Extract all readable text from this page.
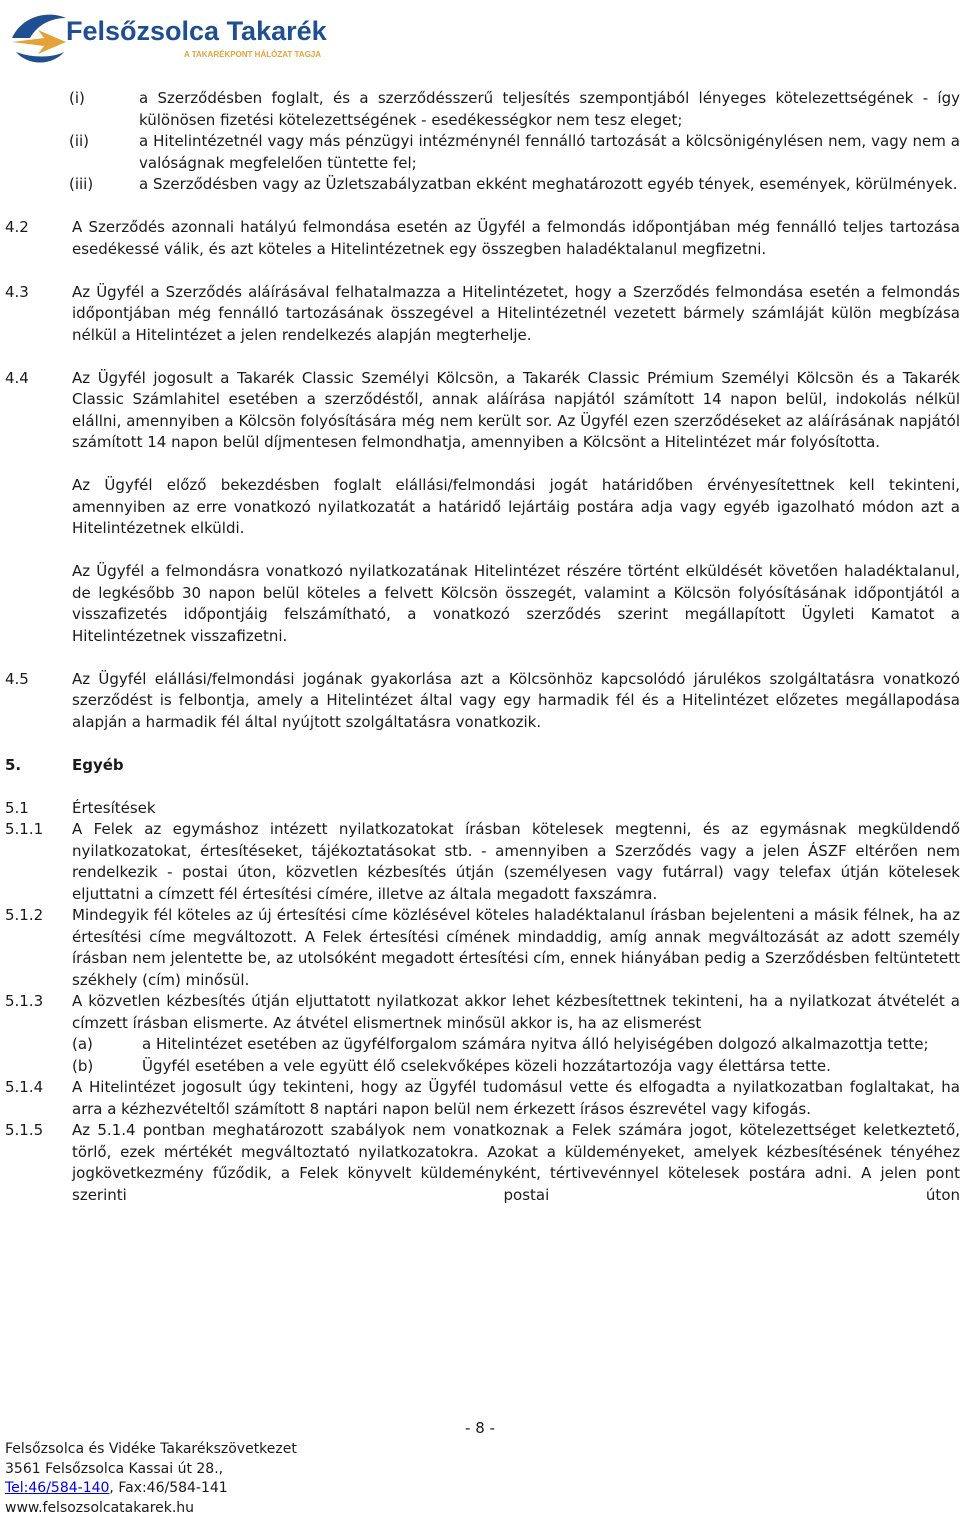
Felsőzsolca Takarék
A TAKARÉKPONT HÁLÓZAT TAGJA
(i)	a Szerződésben foglalt, és a szerződésszerű teljesítés szempontjából lényeges kötelezettségének - így különösen fizetési kötelezettségének - esedékességkor nem tesz eleget;
(ii)	a Hitelintézetnél vagy más pénzügyi intézménynél fennálló tartozását a kölcsönigénylésen nem, vagy nem a valóságnak megfelelően tüntette fel;
(iii)	a Szerződésben vagy az Üzletszabályzatban ekként meghatározott egyéb tények, események, körülmények.
4.2	A Szerződés azonnali hatályú felmondása esetén az Ügyfél a felmondás időpontjában még fennálló teljes tartozása esedékessé válik, és azt köteles a Hitelintézetnek egy összegben haladéktalanul megfizetni.
4.3	Az Ügyfél a Szerződés aláírásával felhatalmazza a Hitelintézetet, hogy a Szerződés felmondása esetén a felmondás időpontjában még fennálló tartozásának összegével a Hitelintézetnél vezetett bármely számláját külön megbízása nélkül a Hitelintézet a jelen rendelkezés alapján megterhelje.
4.4	Az Ügyfél jogosult a Takarék Classic Személyi Kölcsön, a Takarék Classic Prémium Személyi Kölcsön és a Takarék Classic Számlahitel esetében a szerződéstől, annak aláírása napjától számított 14 napon belül, indokolás nélkül elállni, amennyiben a Kölcsön folyósítására még nem került sor. Az Ügyfél ezen szerződéseket az aláírásának napjától számított 14 napon belül díjmentesen felmondhatja, amennyiben a Kölcsönt a Hitelintézet már folyósította.
Az Ügyfél előző bekezdésben foglalt elállási/felmondási jogát határidőben érvényesítettnek kell tekinteni, amennyiben az erre vonatkozó nyilatkozatát a határidő lejártáig postára adja vagy egyéb igazolható módon azt a Hitelintézetnek elküldi.
Az Ügyfél a felmondásra vonatkozó nyilatkozatának Hitelintézet részére történt elküldését követően haladéktalanul, de legkésőbb 30 napon belül köteles a felvett Kölcsön összegét, valamint a Kölcsön folyósításának időpontjától a visszafizetés időpontjáig felszámítható, a vonatkozó szerződés szerint megállapított Ügyleti Kamatot a Hitelintézetnek visszafizetni.
4.5	Az Ügyfél elállási/felmondási jogának gyakorlása azt a Kölcsönhöz kapcsolódó járulékos szolgáltatásra vonatkozó szerződést is felbontja, amely a Hitelintézet által vagy egy harmadik fél és a Hitelintézet előzetes megállapodása alapján a harmadik fél által nyújtott szolgáltatásra vonatkozik.
5.	Egyéb
5.1	Értesítések
5.1.1	A Felek az egymáshoz intézett nyilatkozatokat írásban kötelesek megtenni, és az egymásnak megküldendő nyilatkozatokat, értesítéseket, tájékoztatásokat stb. - amennyiben a Szerződés vagy a jelen ÁSZF eltérően nem rendelkezik - postai úton, közvetlen kézbesítés útján (személyesen vagy futárral) vagy telefax útján kötelesek eljuttatni a címzett fél értesítési címére, illetve az általa megadott faxszámra.
5.1.2	Mindegyik fél köteles az új értesítési címe közlésével köteles haladéktalanul írásban bejelenteni a másik félnek, ha az értesítési címe megváltozott. A Felek értesítési címének mindaddig, amíg annak megváltozását az adott személy írásban nem jelentette be, az utolsóként megadott értesítési cím, ennek hiányában pedig a Szerződésben feltüntetett székhely (cím) minősül.
5.1.3	A közvetlen kézbesítés útján eljuttatott nyilatkozat akkor lehet kézbesítettnek tekinteni, ha a nyilatkozat átvételét a címzett írásban elismerte. Az átvétel elismertnek minősül akkor is, ha az elismerést
(a)	a Hitelintézet esetében az ügyfélforgalom számára nyitva álló helyiségében dolgozó alkalmazottja tette;
(b)	Ügyfél esetében a vele együtt élő cselekvőképes közeli hozzátartozója vagy élettársa tette.
5.1.4	A Hitelintézet jogosult úgy tekinteni, hogy az Ügyfél tudomásul vette és elfogadta a nyilatkozatban foglaltakat, ha arra a kézhezvételtől számított 8 naptári napon belül nem érkezett írásos észrevétel vagy kifogás.
5.1.5	Az 5.1.4 pontban meghatározott szabályok nem vonatkoznak a Felek számára jogot, kötelezettséget keletkeztető, törlő, ezek mértékét megváltoztató nyilatkozatokra. Azokat a küldeményeket, amelyek kézbesítésének tényéhez jogkövetkezmény fűződik, a Felek könyvelt küldeményként, tértivevénnyel kötelesek postára adni. A jelen pont szerinti postai úton
- 8 -
Felsőzsolca és Vidéke Takarékszövetkezet
3561 Felsőzsolca Kassai út 28.,
Tel:46/584-140, Fax:46/584-141
www.felsozsolcatakarek.hu
